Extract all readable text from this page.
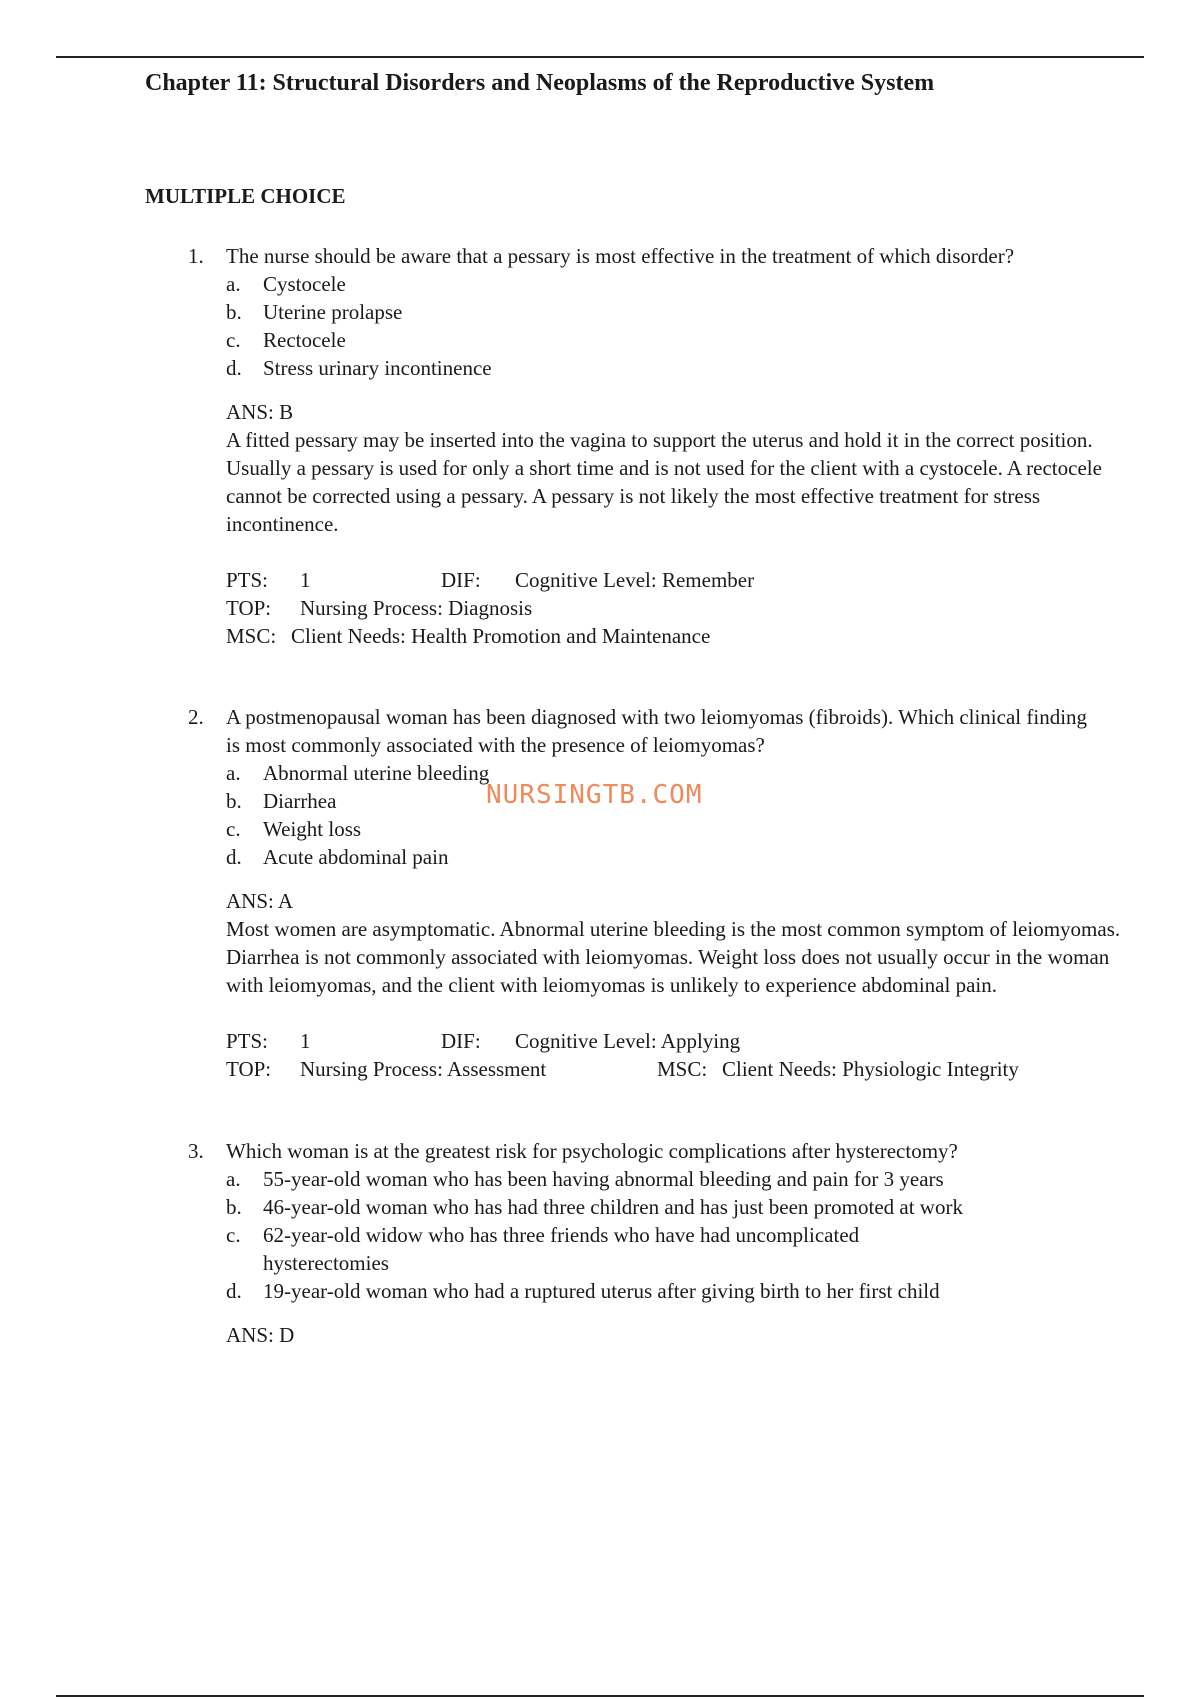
Chapter 11: Structural Disorders and Neoplasms of the Reproductive System
MULTIPLE CHOICE
1. The nurse should be aware that a pessary is most effective in the treatment of which disorder?
a. Cystocele
b. Uterine prolapse
c. Rectocele
d. Stress urinary incontinence
ANS: B
A fitted pessary may be inserted into the vagina to support the uterus and hold it in the correct position. Usually a pessary is used for only a short time and is not used for the client with a cystocele. A rectocele cannot be corrected using a pessary. A pessary is not likely the most effective treatment for stress incontinence.
PTS: 1	DIF: Cognitive Level: Remember
TOP: Nursing Process: Diagnosis
MSC: Client Needs: Health Promotion and Maintenance
2. A postmenopausal woman has been diagnosed with two leiomyomas (fibroids). Which clinical finding is most commonly associated with the presence of leiomyomas?
a. Abnormal uterine bleeding
b. Diarrhea
c. Weight loss
d. Acute abdominal pain
ANS: A
Most women are asymptomatic. Abnormal uterine bleeding is the most common symptom of leiomyomas. Diarrhea is not commonly associated with leiomyomas. Weight loss does not usually occur in the woman with leiomyomas, and the client with leiomyomas is unlikely to experience abdominal pain.
PTS: 1	DIF: Cognitive Level: Applying
TOP: Nursing Process: Assessment	MSC: Client Needs: Physiologic Integrity
3. Which woman is at the greatest risk for psychologic complications after hysterectomy?
a. 55-year-old woman who has been having abnormal bleeding and pain for 3 years
b. 46-year-old woman who has had three children and has just been promoted at work
c. 62-year-old widow who has three friends who have had uncomplicated hysterectomies
d. 19-year-old woman who had a ruptured uterus after giving birth to her first child
ANS: D
NURSINGTB.COM
